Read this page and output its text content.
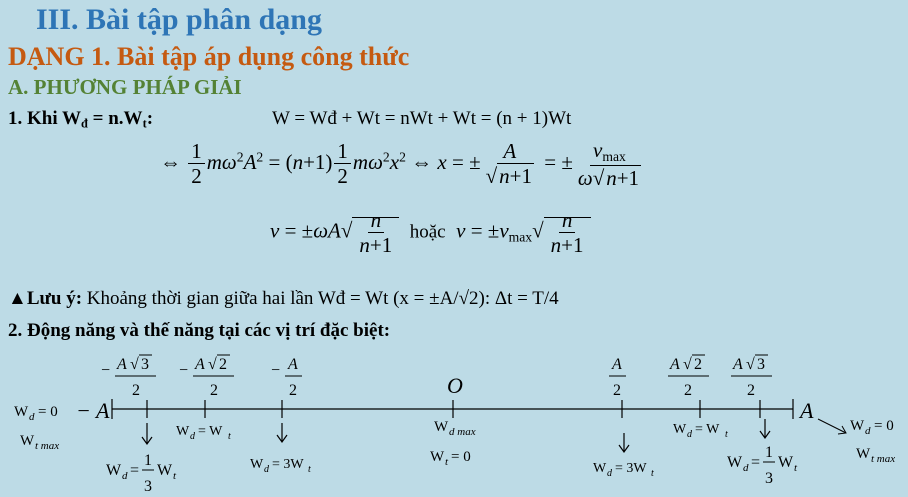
III. Bài tập phân dạng
DẠNG 1. Bài tập áp dụng công thức
A. PHƯƠNG PHÁP GIẢI
1. Khi $W_đ = n.W_t$:	W = Wđ + Wt = nWt + Wt = (n + 1)Wt
⇔ $\frac{1}{2} m\omega^2A^2 = (n+1) \frac{1}{2} m\omega^2x^2$ ⇔ x = ± $\frac{A}{√n+1}$ = ± $\frac{v_{max}}{\omega√n+1}$
$v = \pm\omega A√ \frac{n}{n+1}$ hoặc $v = \pm v_{max}√ \frac{n}{n+1}$
▲Lưu ý: Khoảng thời gian giữa hai lần Wđ = Wt (x = ±A/√2): Δt = T/4
2. Động năng và thế năng tại các vị trí đặc biệt:
O
− A	A
− A √ 3
2
− A √ 2
2
− A
2
A
2
A √ 2
2
A √ 3
2
W d = 0
W t max
W d = 0
W t max
W d max
W t = 0
W d =
1
3
W t
W d = W t
W d = 3W t	W d = 3W t
W d = W t
W d =
1
3
W t
